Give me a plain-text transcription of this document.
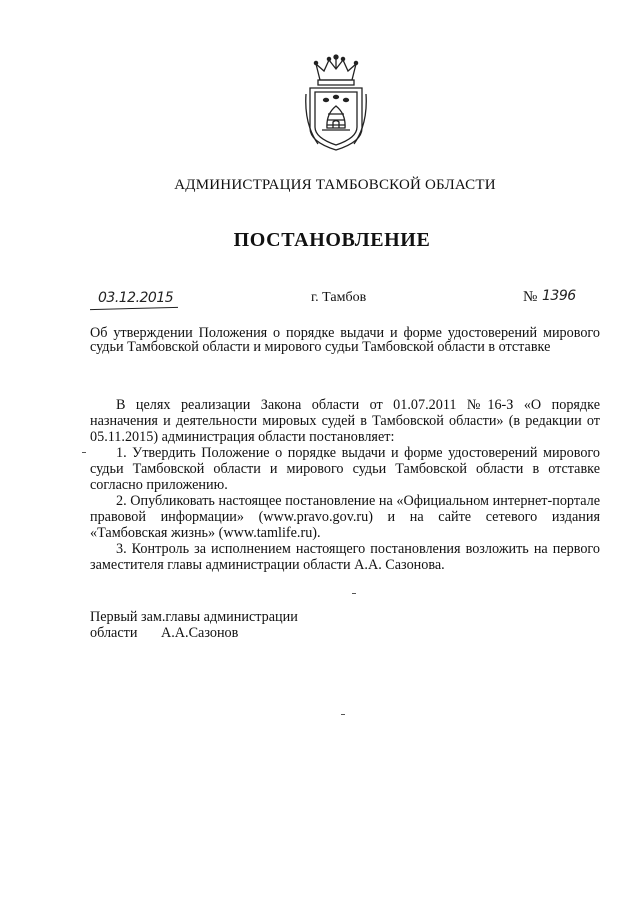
АДМИНИСТРАЦИЯ ТАМБОВСКОЙ ОБЛАСТИ
ПОСТАНОВЛЕНИЕ
03.12.2015	г. Тамбов	№ 1396
Об утверждении Положения о порядке выдачи и форме удостоверений мирового судьи Тамбовской области и мирового судьи Тамбовской области в отставке

В целях реализации Закона области от 01.07.2011 №16-З «О порядке назначения и деятельности мировых судей в Тамбовской области» (в редакции от 05.11.2015) администрация области постановляет:

1. Утвердить Положение о порядке выдачи и форме удостоверений мирового судьи Тамбовской области и мирового судьи Тамбовской области в отставке согласно приложению.

2. Опубликовать настоящее постановление на «Официальном интернет-портале правовой информации» (www.pravo.gov.ru) и на сайте сетевого издания «Тамбовская жизнь» (www.tamlife.ru).

3. Контроль за исполнением настоящего постановления возложить на первого заместителя главы администрации области А.А. Сазонова.

Первый зам.главы администрации
области А.А.Сазонов
